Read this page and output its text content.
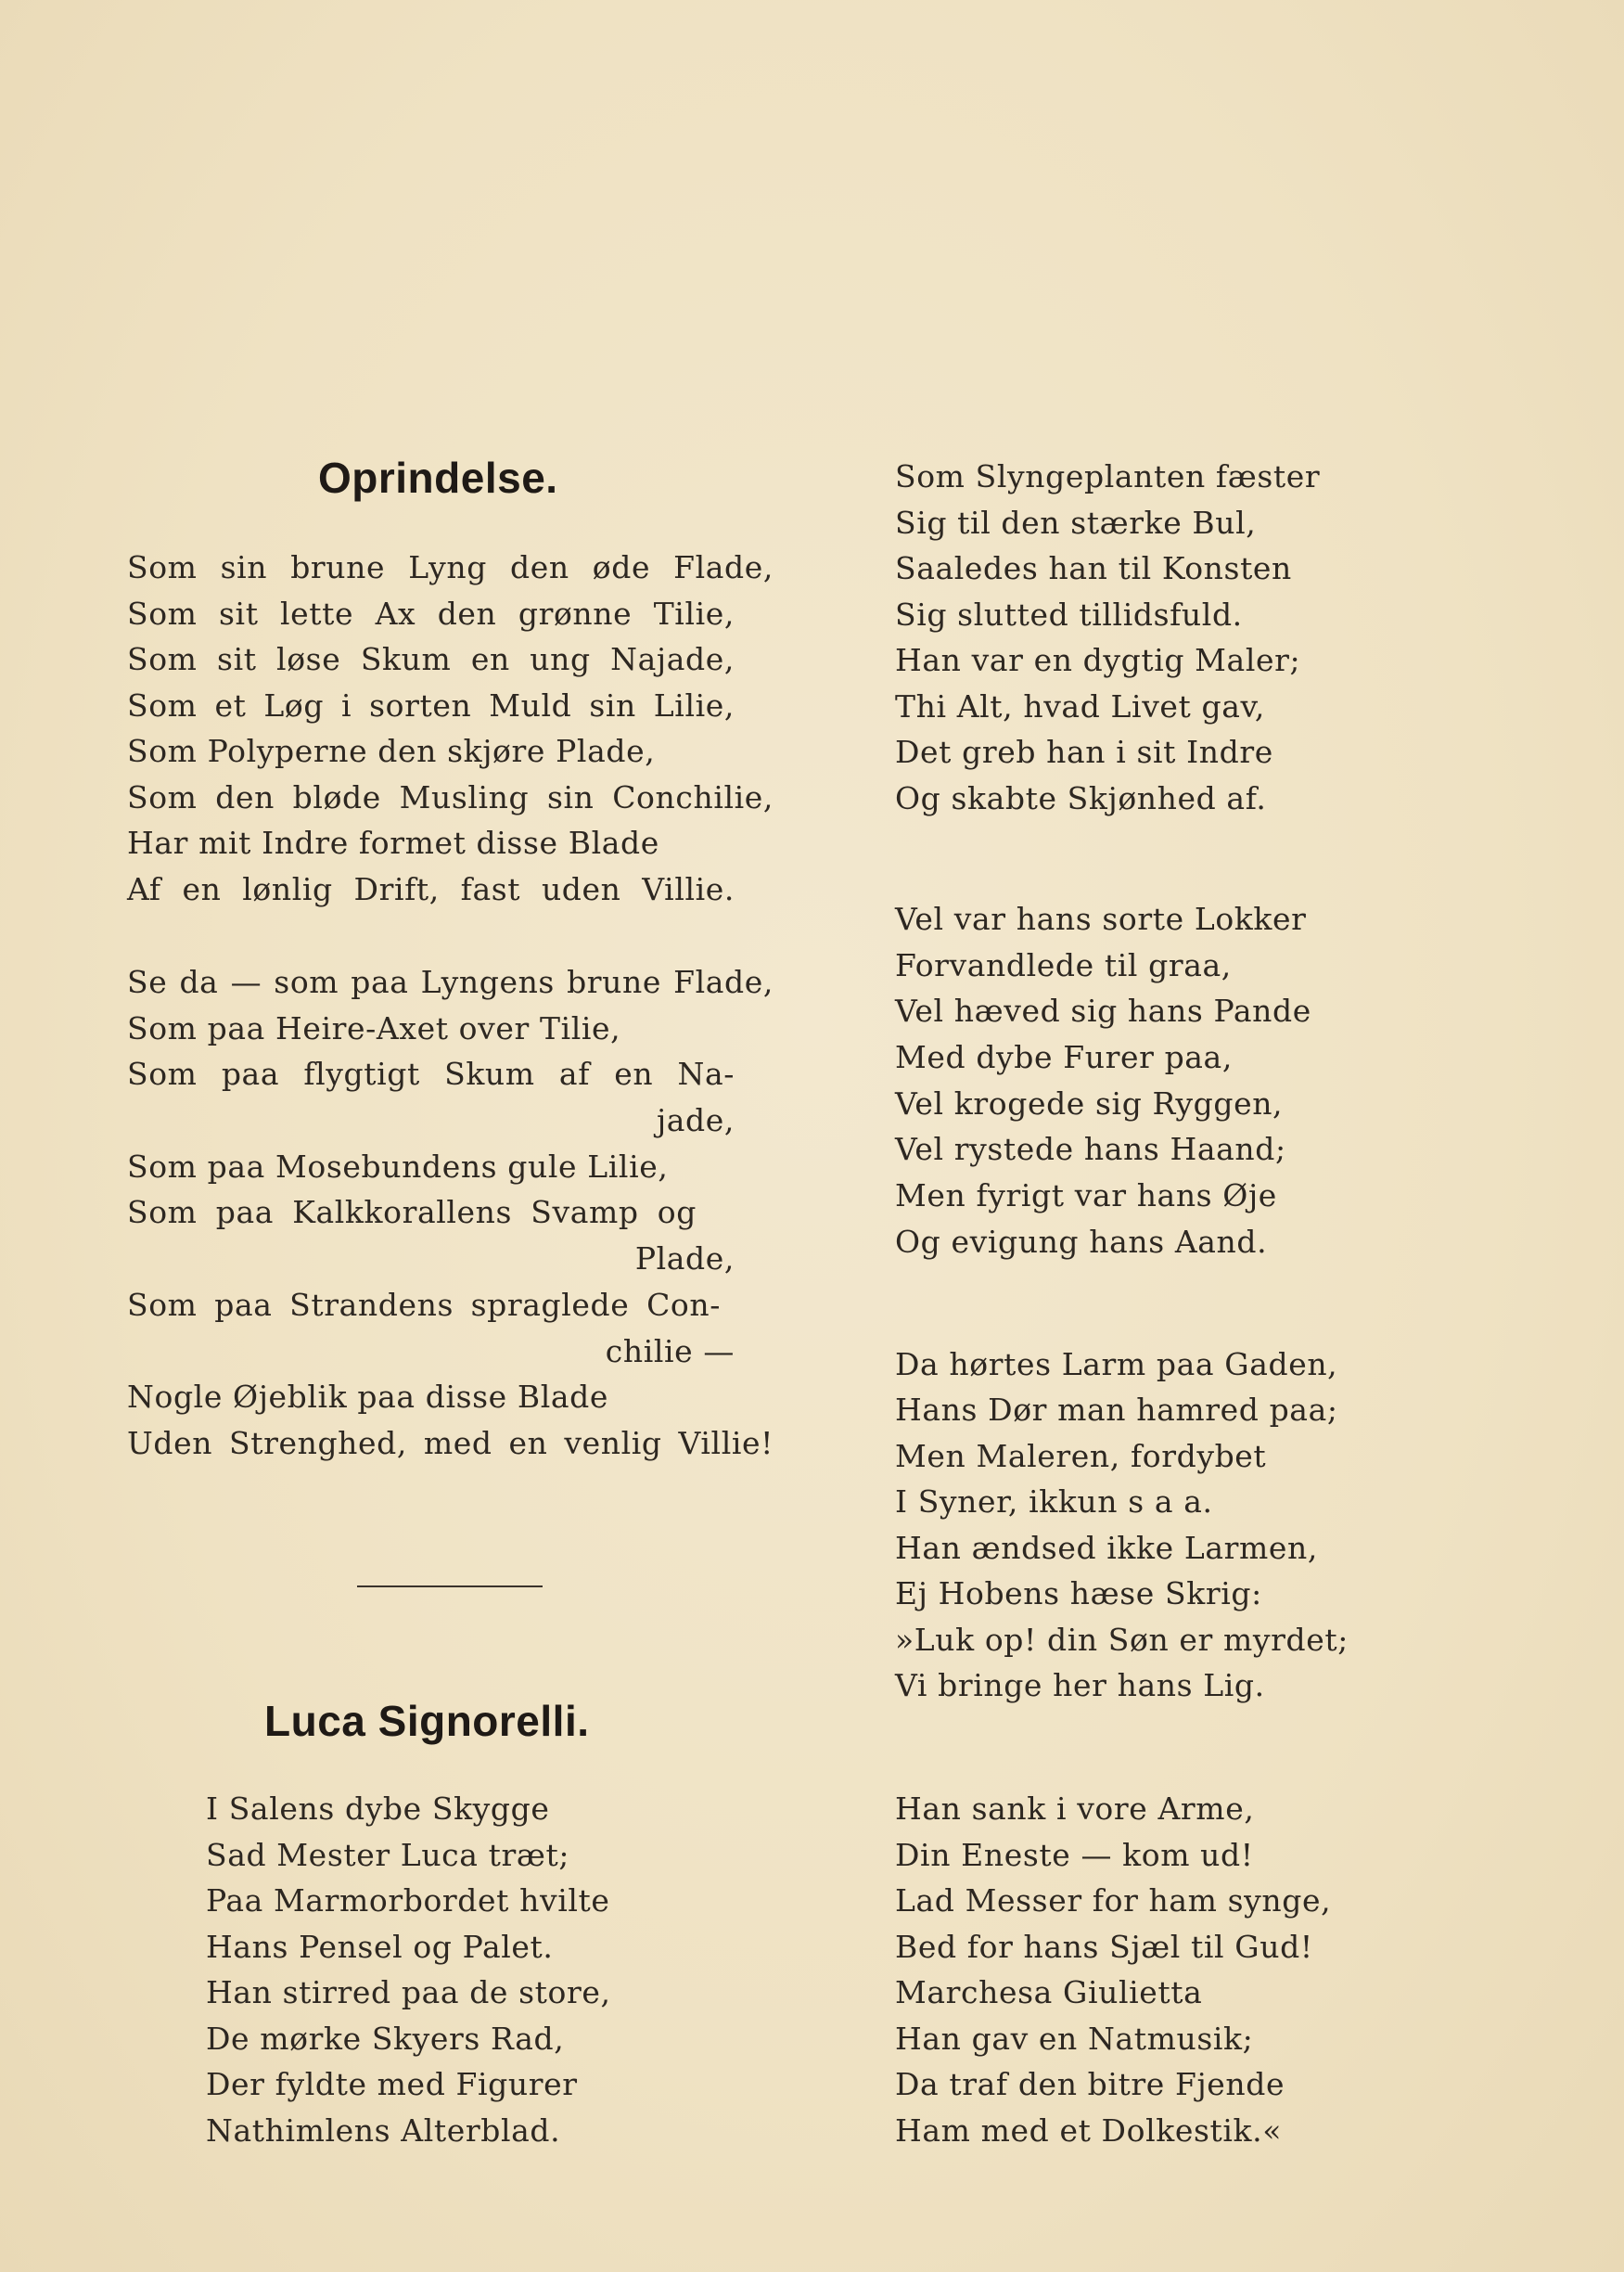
Oprindelse.
Som sin brune Lyng den øde Flade,
Som sit lette Ax den grønne Tilie,
Som sit løse Skum en ung Najade,
Som et Løg i sorten Muld sin Lilie,
Som Polyperne den skjøre Plade,
Som den bløde Musling sin Conchilie,
Har mit Indre formet disse Blade
Af en lønlig Drift, fast uden Villie.
Se da — som paa Lyngens brune Flade,
Som paa Heire-Axet over Tilie,
Som paa flygtigt Skum af en Na-
jade,
Som paa Mosebundens gule Lilie,
Som paa Kalkkorallens Svamp og
Plade,
Som paa Strandens spraglede Con-
chilie —
Nogle Øjeblik paa disse Blade
Uden Strenghed, med en venlig Villie!
Luca Signorelli.
I Salens dybe Skygge
Sad Mester Luca træt;
Paa Marmorbordet hvilte
Hans Pensel og Palet.
Han stirred paa de store,
De mørke Skyers Rad,
Der fyldte med Figurer
Nathimlens Alterblad.
Som Slyngeplanten fæster
Sig til den stærke Bul,
Saaledes han til Konsten
Sig slutted tillidsfuld.
Han var en dygtig Maler;
Thi Alt, hvad Livet gav,
Det greb han i sit Indre
Og skabte Skjønhed af.
Vel var hans sorte Lokker
Forvandlede til graa,
Vel hæved sig hans Pande
Med dybe Furer paa,
Vel krogede sig Ryggen,
Vel rystede hans Haand;
Men fyrigt var hans Øje
Og evigung hans Aand.
Da hørtes Larm paa Gaden,
Hans Dør man hamred paa;
Men Maleren, fordybet
I Syner, ikkun s a a.
Han ændsed ikke Larmen,
Ej Hobens hæse Skrig:
»Luk op! din Søn er myrdet;
Vi bringe her hans Lig.
Han sank i vore Arme,
Din Eneste — kom ud!
Lad Messer for ham synge,
Bed for hans Sjæl til Gud!
Marchesa Giulietta
Han gav en Natmusik;
Da traf den bitre Fjende
Ham med et Dolkestik.«
